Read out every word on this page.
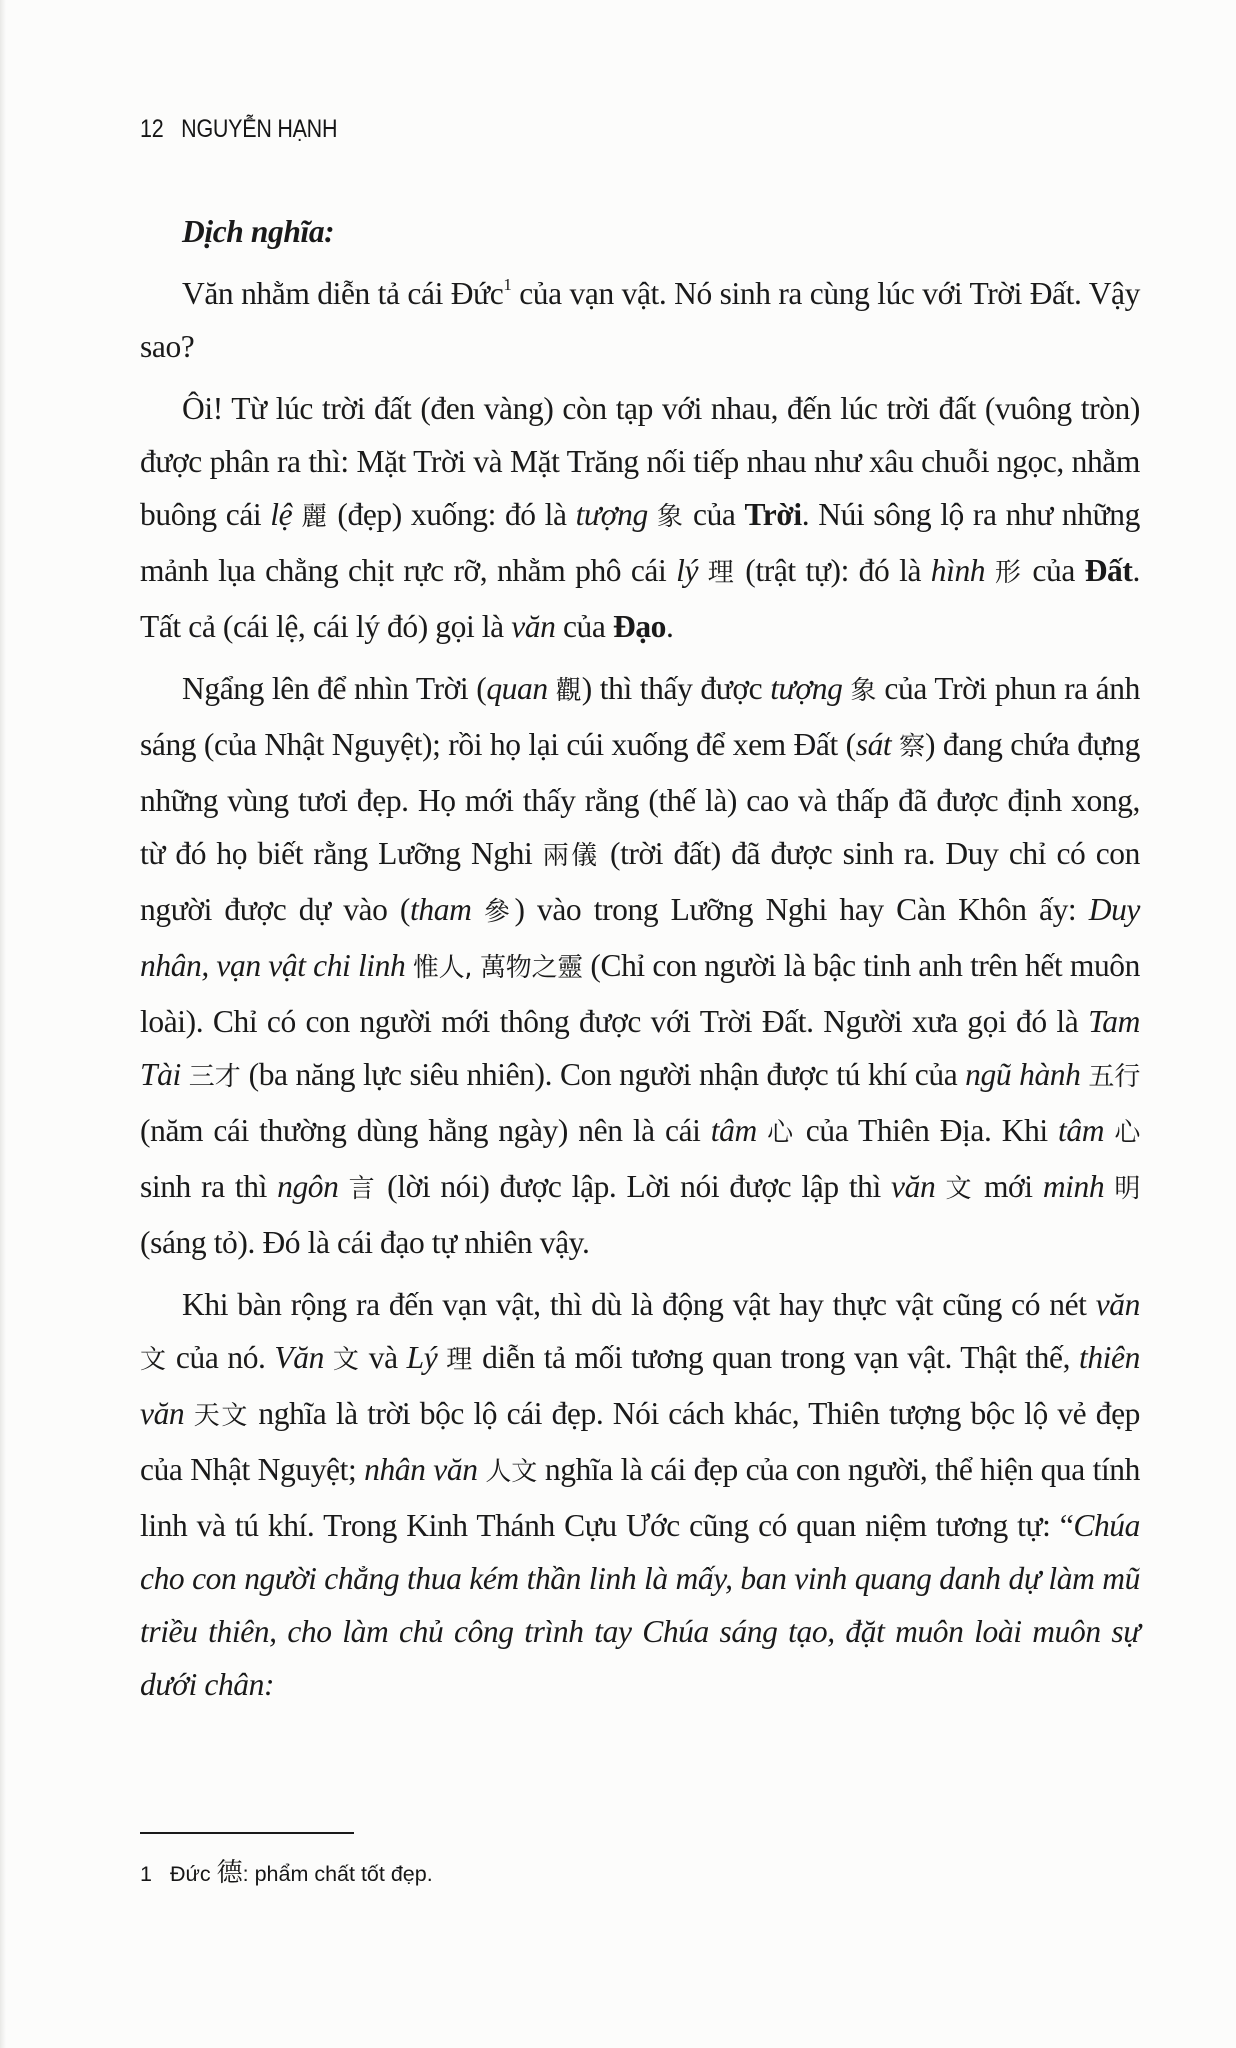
12 NGUYỄN HẠNH
Dịch nghĩa:

Văn nhằm diễn tả cái Đức$^1$ của vạn vật. Nó sinh ra cùng lúc với Trời Đất. Vậy sao?

Ôi! Từ lúc trời đất (đen vàng) còn tạp với nhau, đến lúc trời đất (vuông tròn) được phân ra thì: Mặt Trời và Mặt Trăng nối tiếp nhau như xâu chuỗi ngọc, nhằm buông cái lệ 麗 (đẹp) xuống: đó là tượng 象 của Trời. Núi sông lộ ra như những mảnh lụa chằng chịt rực rỡ, nhằm phô cái lý 理 (trật tự): đó là hình 形 của Đất. Tất cả (cái lệ, cái lý đó) gọi là văn của Đạo.

Ngẩng lên để nhìn Trời (quan 觀) thì thấy được tượng 象 của Trời phun ra ánh sáng (của Nhật Nguyệt); rồi họ lại cúi xuống để xem Đất (sát 察) đang chứa đựng những vùng tươi đẹp. Họ mới thấy rằng (thế là) cao và thấp đã được định xong, từ đó họ biết rằng Lưỡng Nghi 兩儀 (trời đất) đã được sinh ra. Duy chỉ có con người được dự vào (tham 參) vào trong Lưỡng Nghi hay Càn Khôn ấy: Duy nhân, vạn vật chi linh 惟人, 萬物之靈 (Chỉ con người là bậc tinh anh trên hết muôn loài). Chỉ có con người mới thông được với Trời Đất. Người xưa gọi đó là Tam Tài 三才 (ba năng lực siêu nhiên). Con người nhận được tú khí của ngũ hành 五行 (năm cái thường dùng hằng ngày) nên là cái tâm 心 của Thiên Địa. Khi tâm 心 sinh ra thì ngôn 言 (lời nói) được lập. Lời nói được lập thì văn 文 mới minh 明 (sáng tỏ). Đó là cái đạo tự nhiên vậy.

Khi bàn rộng ra đến vạn vật, thì dù là động vật hay thực vật cũng có nét văn 文 của nó. Văn 文 và Lý 理 diễn tả mối tương quan trong vạn vật. Thật thế, thiên văn 天文 nghĩa là trời bộc lộ cái đẹp. Nói cách khác, Thiên tượng bộc lộ vẻ đẹp của Nhật Nguyệt; nhân văn 人文 nghĩa là cái đẹp của con người, thể hiện qua tính linh và tú khí. Trong Kinh Thánh Cựu Ước cũng có quan niệm tương tự: “Chúa cho con người chẳng thua kém thần linh là mấy, ban vinh quang danh dự làm mũ triều thiên, cho làm chủ công trình tay Chúa sáng tạo, đặt muôn loài muôn sự dưới chân:

1 Đức 德: phẩm chất tốt đẹp.
